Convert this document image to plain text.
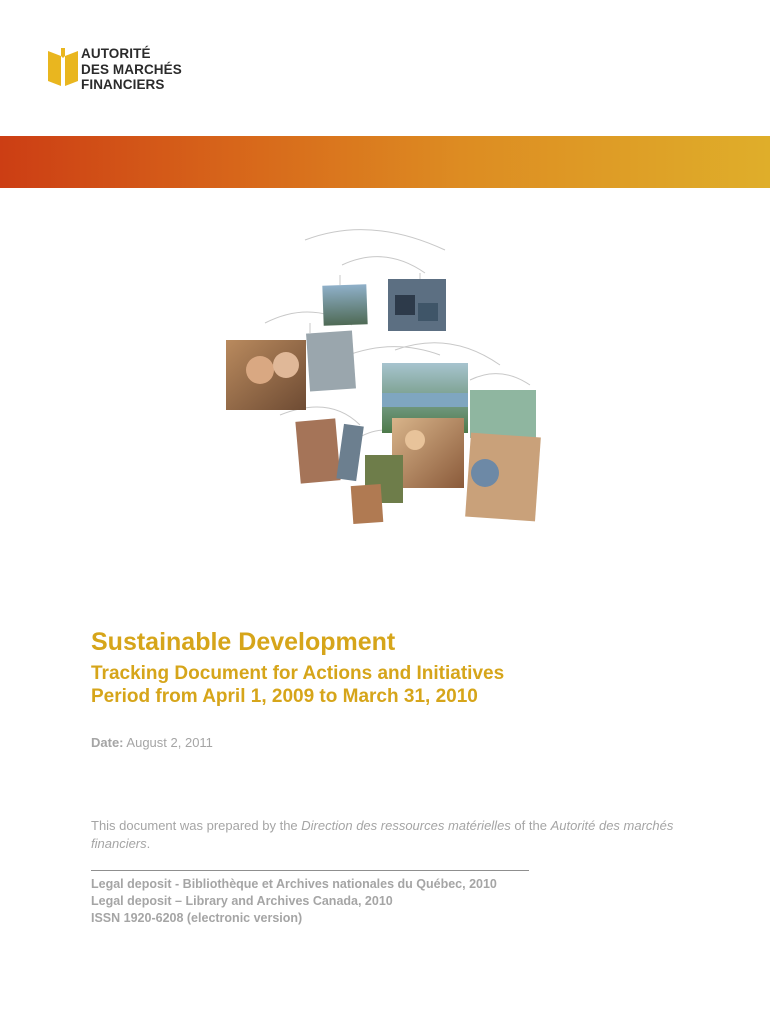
AUTORITÉ
DES MARCHÉS
FINANCIERS
Sustainable Development
Tracking Document for Actions and Initiatives
Period from April 1, 2009 to March 31, 2010
Date: August 2, 2011
This document was prepared by the Direction des ressources matérielles of the Autorité des marchés financiers.
Legal deposit - Bibliothèque et Archives nationales du Québec, 2010
Legal deposit – Library and Archives Canada, 2010
ISSN 1920-6208 (electronic version)
